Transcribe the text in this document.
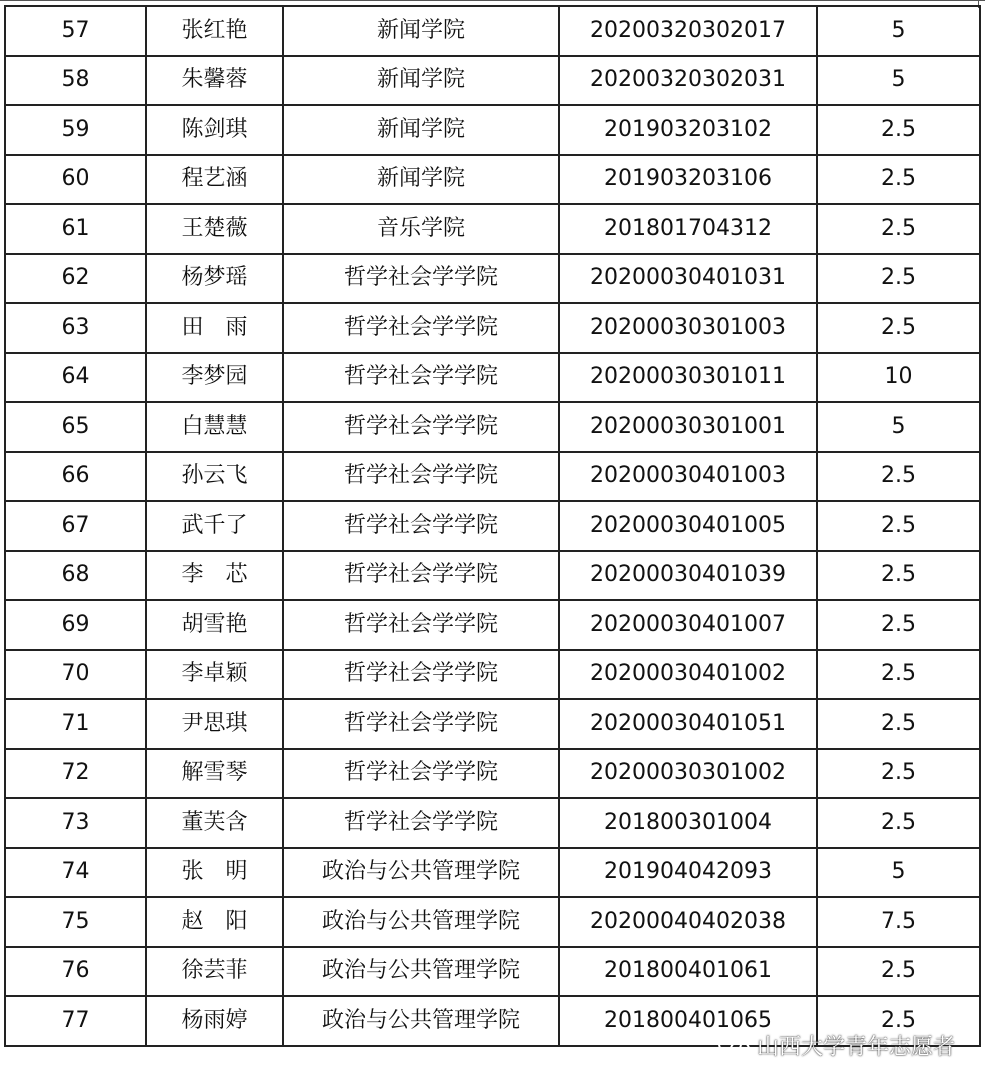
57	张红艳	新闻学院	20200320302017	5
58	朱馨蓉	新闻学院	20200320302031	5
59	陈剑琪	新闻学院	201903203102	2.5
60	程艺涵	新闻学院	201903203106	2.5
61	王楚薇	音乐学院	201801704312	2.5
62	杨梦瑶	哲学社会学学院	20200030401031	2.5
63	田　雨	哲学社会学学院	20200030301003	2.5
64	李梦园	哲学社会学学院	20200030301011	10
65	白慧慧	哲学社会学学院	20200030301001	5
66	孙云飞	哲学社会学学院	20200030401003	2.5
67	武千了	哲学社会学学院	20200030401005	2.5
68	李　芯	哲学社会学学院	20200030401039	2.5
69	胡雪艳	哲学社会学学院	20200030401007	2.5
70	李卓颖	哲学社会学学院	20200030401002	2.5
71	尹思琪	哲学社会学学院	20200030401051	2.5
72	解雪琴	哲学社会学学院	20200030301002	2.5
73	董芙含	哲学社会学学院	201800301004	2.5
74	张　明	政治与公共管理学院	201904042093	5
75	赵　阳	政治与公共管理学院	20200040402038	7.5
76	徐芸菲	政治与公共管理学院	201800401061	2.5
77	杨雨婷	政治与公共管理学院	201800401065	2.5
山西大学青年志愿者
